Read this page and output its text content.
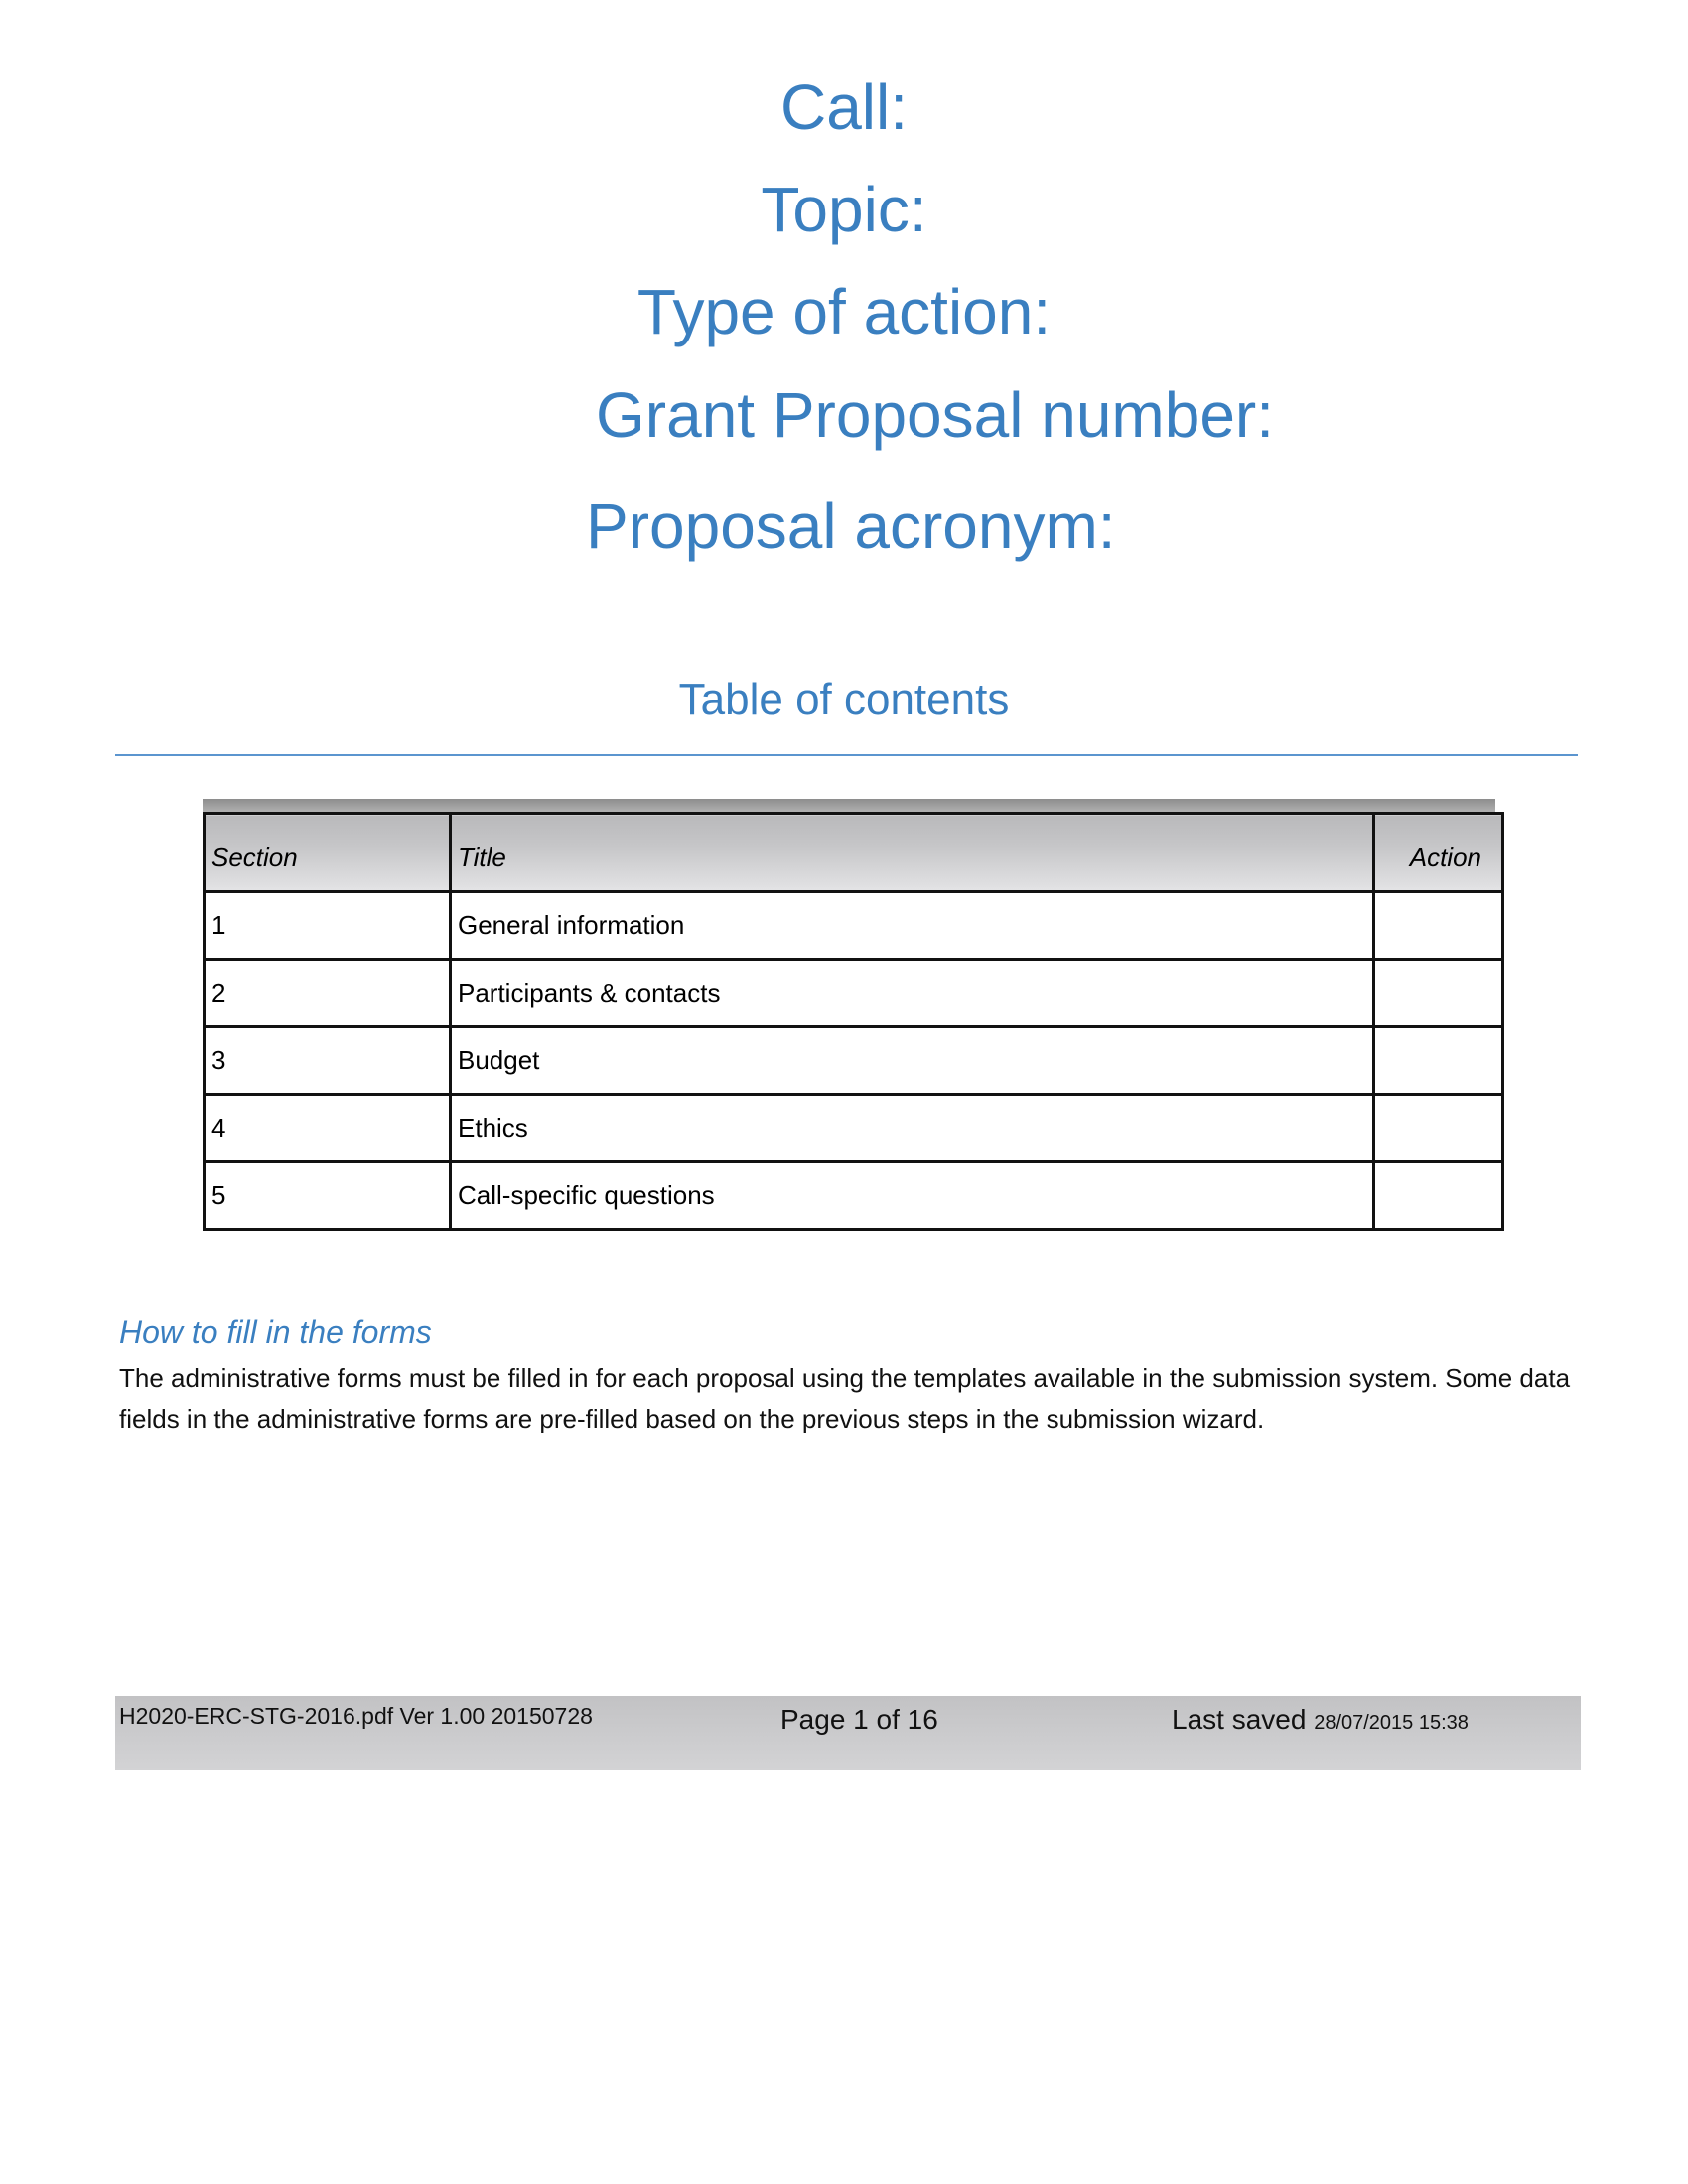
Call:
Topic:
Type of action:
Grant Proposal number:
Proposal acronym:
Table of contents
Section	Title	Action
1	General information	
2	Participants & contacts	
3	Budget	
4	Ethics	
5	Call-specific questions	
How to fill in the forms

The administrative forms must be filled in for each proposal using the templates available in the submission system. Some data fields in the administrative forms are pre-filled based on the previous steps in the submission wizard.

H2020-ERC-STG-2016.pdf Ver 1.00 20150728	Page 1 of 16	Last saved 28/07/2015 15:38
